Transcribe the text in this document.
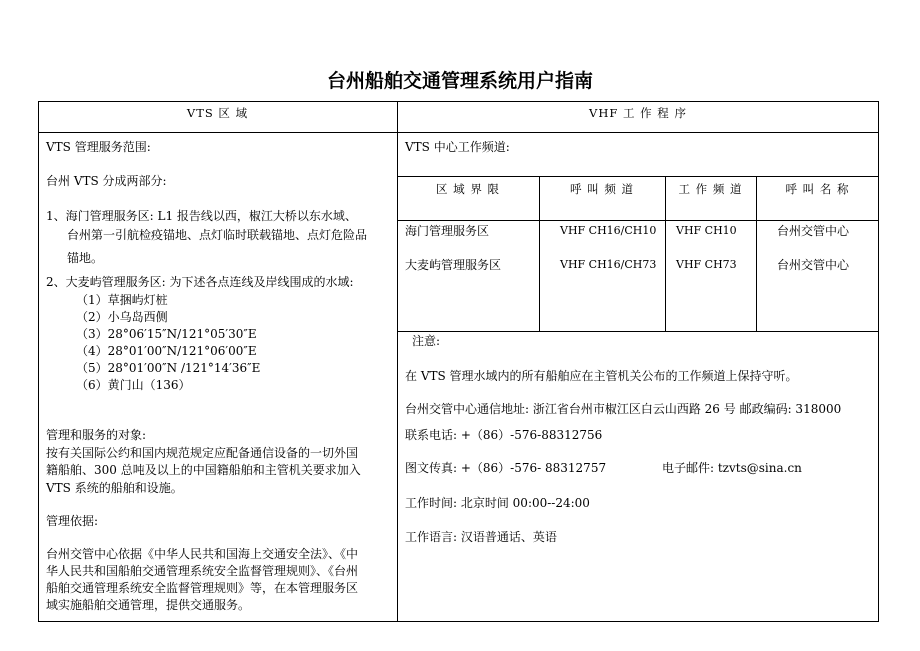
台州船舶交通管理系统用户指南
VTS 区 域
VTS 管理服务范围:
台州 VTS 分成两部分:
1、海门管理服务区: L1 报告线以西，椒江大桥以东水域、
台州第一引航检疫锚地、点灯临时联载锚地、点灯危险品
锚地。
2、大麦屿管理服务区: 为下述各点连线及岸线围成的水域:
（1）草捆屿灯桩
（2）小乌岛西侧
（3）28°06′15″N/121°05′30″E
（4）28°01′00″N/121°06′00″E
（5）28°01′00″N /121°14′36″E
（6）黄门山（136）
管理和服务的对象:
按有关国际公约和国内规范规定应配备通信设备的一切外国
籍船舶、300 总吨及以上的中国籍船舶和主管机关要求加入
VTS 系统的船舶和设施。
管理依据:
台州交管中心依据《中华人民共和国海上交通安全法》、《中
华人民共和国船舶交通管理系统安全监督管理规则》、《台州
船舶交通管理系统安全监督管理规则》等，在本管理服务区
域实施船舶交通管理，提供交通服务。
VHF 工 作 程 序
VTS 中心工作频道:
区 域 界 限	呼 叫 频 道	工 作 频 道	呼 叫 名 称
海门管理服务区	VHF CH16/CH10 VHF CH10	台州交管中心
大麦屿管理服务区	VHF CH16/CH73 VHF CH73	台州交管中心
注意:
在 VTS 管理水域内的所有船舶应在主管机关公布的工作频道上保持守听。
台州交管中心通信地址: 浙江省台州市椒江区白云山西路 26 号 邮政编码: 318000
联系电话: +（86）-576-88312756
图文传真: +（86）-576- 88312757	电子邮件: tzvts@sina.cn
工作时间: 北京时间 00:00--24:00
工作语言: 汉语普通话、英语
